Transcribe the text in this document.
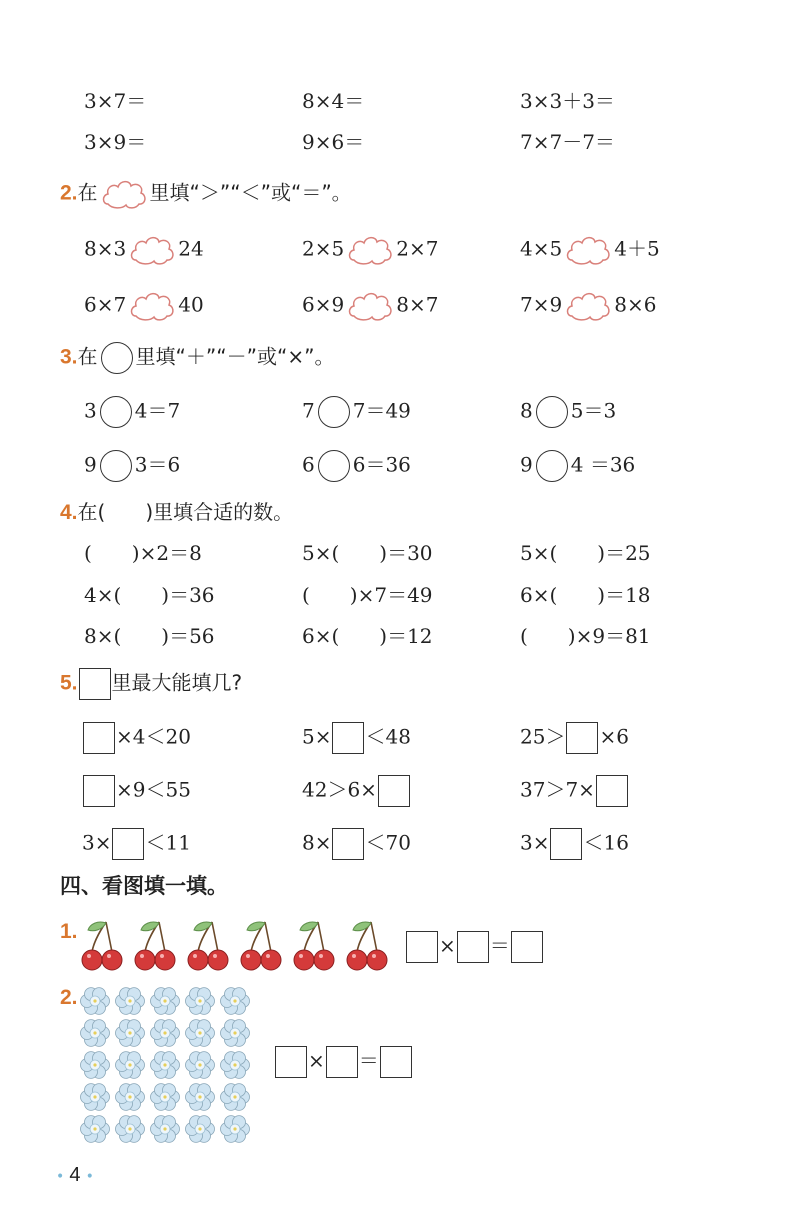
3×7＝	8×4＝	3×3＋3＝
3×9＝	9×6＝	7×7－7＝
2.在	里填“＞”“＜”或“＝”。
8×3	24	2×5	2×7	4×5	4＋5
6×7	40	6×9	8×7	7×9	8×6
3.在 里填“＋”“－”或“×”。
3 4＝7	7 7＝49	8 5＝3
9 3＝6	6 6＝36	9 4 ＝36
4.在(　　)里填合适的数。
(　　)×2＝8	5×(　　)＝30	5×(　　)＝25
4×(　　)＝36	(　　)×7＝49	6×(　　)＝18
8×(　　)＝56	6×(　　)＝12	(　　)×9＝81
5. 里最大能填几?
×4＜20	5× ＜48	25＞ ×6
×9＜55	42＞6×	37＞7×
3× ＜11	8× ＜70	3× ＜16
四、看图填一填。
1.
× ＝
2.
× ＝
• 4 •
